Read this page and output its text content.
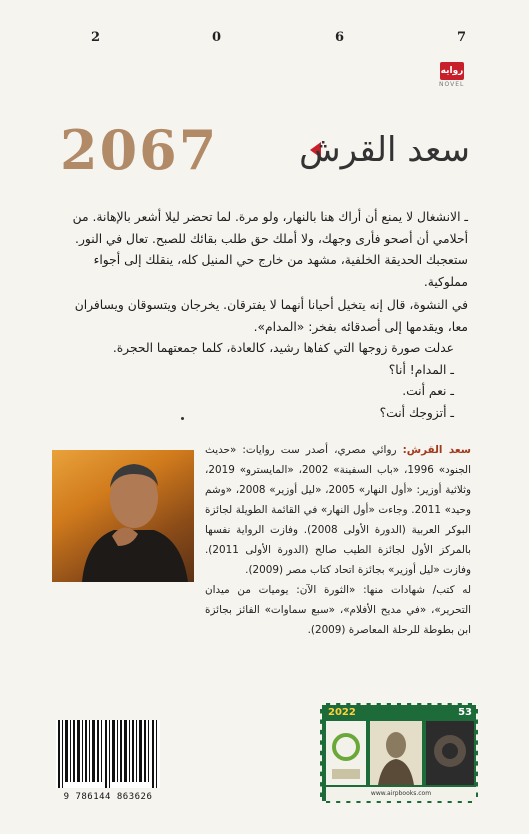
2	0	6	7
روايه
NOVEL
2067 سعد القرش

ـ الانشغال لا يمنع أن أراك هنا بالنهار، ولو مرة. لما تحضر ليلا أشعر بالإهانة. من أحلامي أن أصحو فأرى وجهك، ولا أملك حق طلب بقائك للصبح. تعال في النور. ستعجبك الحديقة الخلفية، مشهد من خارج حي المنيل كله، ينقلك إلى أجواء مملوكية.

في النشوة، قال إنه يتخيل أحيانا أنهما لا يفترقان. يخرجان ويتسوقان ويسافران معا، ويقدمها إلى أصدقائه بفخر: «المدام».

عدلت صورة زوجها التي كفاها رشيد، كالعادة، كلما جمعتهما الحجرة.

ـ المدام! أنا؟

ـ نعم أنت.

ـ أتزوجك أنت؟

سعد القرش: روائي مصري، أصدر ست روايات: «حديث الجنود» 1996، «باب السفينة» 2002، «المايسترو» 2019، وثلاثية أوزير: «أول النهار» 2005، «ليل أوزير» 2008، «وشم وحيد» 2011. وجاءت «أول النهار» في القائمة الطويلة لجائزة البوكر العربية (الدورة الأولى 2008). وفازت الرواية نفسها بالمركز الأول لجائزة الطيب صالح (الدورة الأولى 2011). وفازت «ليل أوزير» بجائزة اتحاد كتاب مصر (2009).

له كتب/ شهادات منها: «الثورة الآن: يوميات من ميدان التحرير»، «في مديح الأفلام»، «سبع سماوات» الفائز بجائزة ابن بطوطة للرحلة المعاصرة (2009).

9 786144 863626
2022	53
www.airpbooks.com
